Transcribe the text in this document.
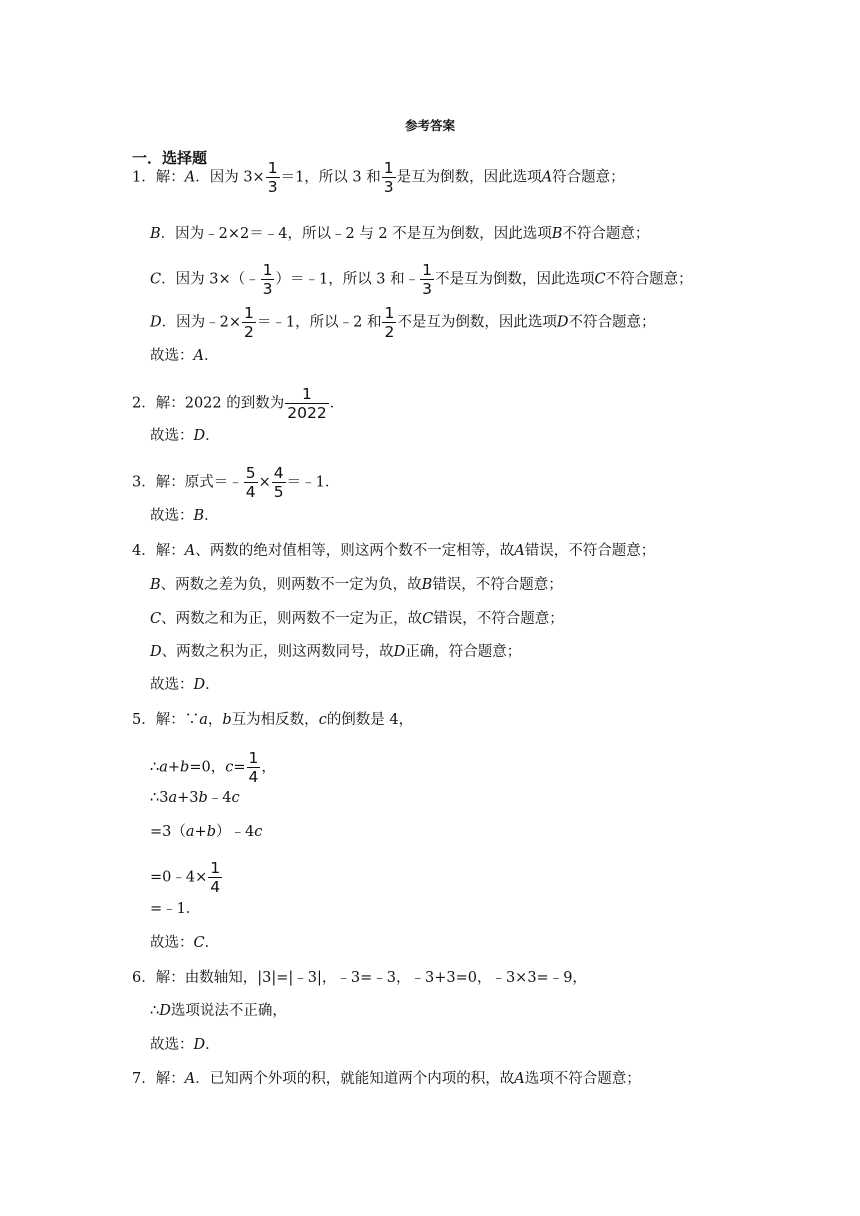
参考答案
一．选择题
1．解：A．因为 $3\times \frac{1}{3} =1$，所以 3 和 $\frac{1}{3}$ 是互为倒数，因此选项A符合题意；
B．因为﹣2×2＝﹣4，所以﹣2 与 2 不是互为倒数，因此选项B不符合题意；
C．因为 3×（﹣ $\frac{1}{3}$ ）＝﹣1，所以 3 和﹣ $\frac{1}{3}$ 不是互为倒数，因此选项C不符合题意；
D．因为﹣2× $\frac{1}{2}$ ＝﹣1，所以﹣2 和 $\frac{1}{2}$ 不是互为倒数，因此选项D不符合题意；
故选：A．
2．解：2022 的到数为 $\frac{1}{2022}$ ．
故选：D．
3．解：原式＝﹣ $\frac{5}{4} \times \frac{4}{5}$ ＝﹣1．
故选：B．
4．解：A、两数的绝对值相等，则这两个数不一定相等，故A错误，不符合题意；
B、两数之差为负，则两数不一定为负，故B错误，不符合题意；
C、两数之和为正，则两数不一定为正，故C错误，不符合题意；
D、两数之积为正，则这两数同号，故D正确，符合题意；
故选：D．
5．解：∵a，b互为相反数，c的倒数是 4，
∴a+b=0，$c= \frac{1}{4}$ ，
∴3a+3b﹣4c
=3（a+b）﹣4c
=0﹣4× $\frac{1}{4}$
=﹣1．
故选：C．
6．解：由数轴知，|3|=|﹣3|，﹣3=﹣3，﹣3+3=0，﹣3×3=﹣9，
∴D选项说法不正确，
故选：D．
7．解：A．已知两个外项的积，就能知道两个内项的积，故A选项不符合题意；
